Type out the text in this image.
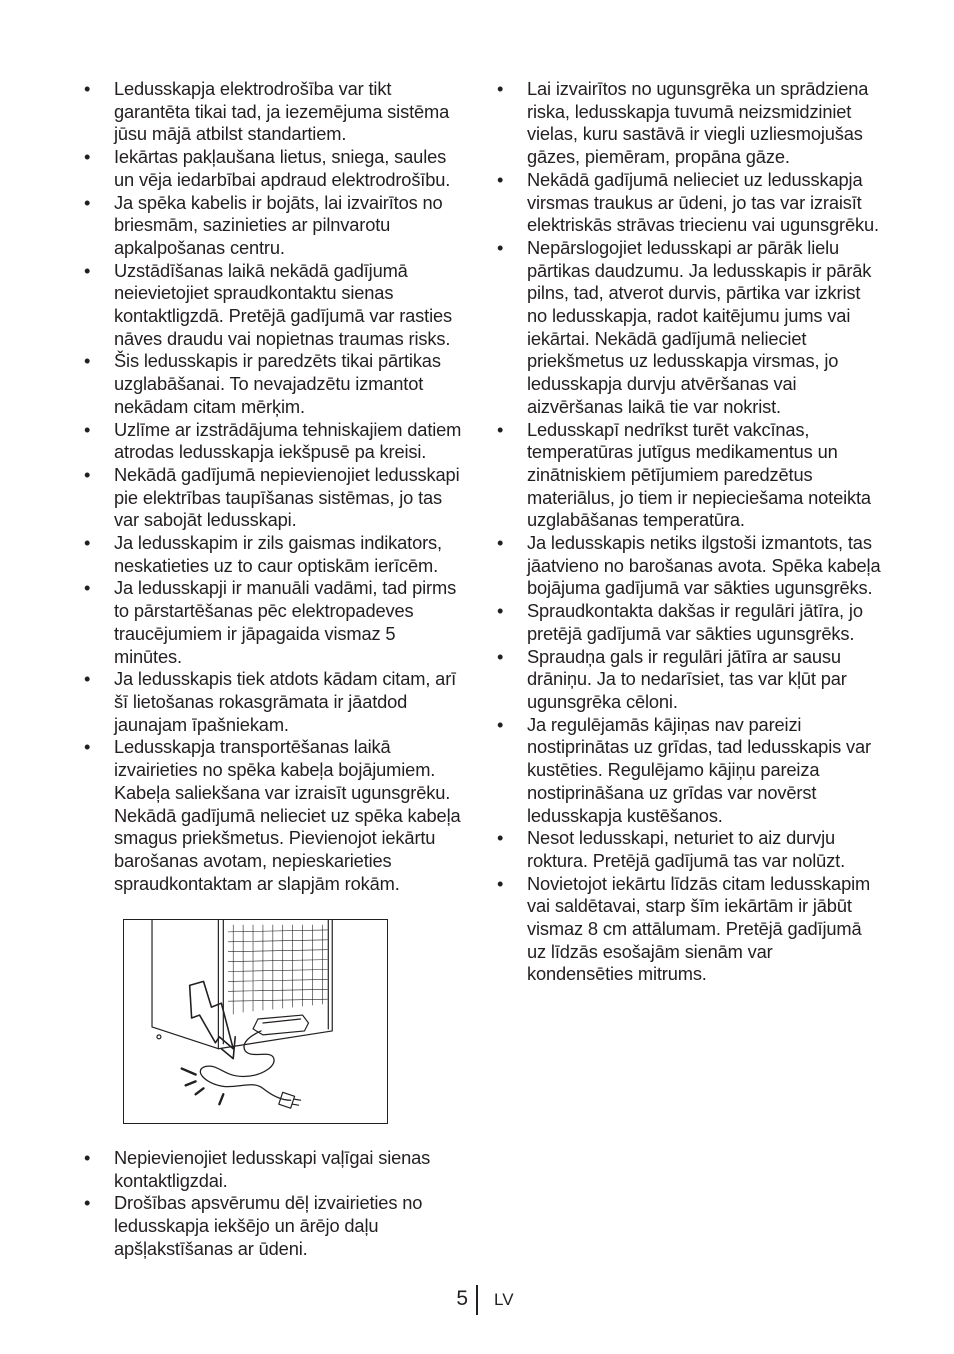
•	Ledusskapja elektrodrošība var tikt garantēta tikai tad, ja iezemējuma sistēma jūsu mājā atbilst standartiem.
•	Iekārtas pakļaušana lietus, sniega, saules un vēja iedarbībai apdraud elektrodrošību.
•	Ja spēka kabelis ir bojāts, lai izvairītos no briesmām, sazinieties ar pilnvarotu apkalpošanas centru.
•	Uzstādīšanas laikā nekādā gadījumā neievietojiet spraudkontaktu sienas kontaktligzdā. Pretējā gadījumā var rasties nāves draudu vai nopietnas traumas risks.
•	Šis ledusskapis ir paredzēts tikai pārtikas uzglabāšanai. To nevajadzētu izmantot nekādam citam mērķim.
•	Uzlīme ar izstrādājuma tehniskajiem datiem atrodas ledusskapja iekšpusē pa kreisi.
•	Nekādā gadījumā nepievienojiet ledusskapi pie elektrības taupīšanas sistēmas, jo tas var sabojāt ledusskapi.
•	Ja ledusskapim ir zils gaismas indikators, neskatieties uz to caur optiskām ierīcēm.
•	Ja ledusskapji ir manuāli vadāmi, tad pirms to pārstartēšanas pēc elektropadeves traucējumiem ir jāpagaida vismaz 5 minūtes.
•	Ja ledusskapis tiek atdots kādam citam, arī šī lietošanas rokasgrāmata ir jāatdod jaunajam īpašniekam.
•	Ledusskapja transportēšanas laikā izvairieties no spēka kabeļa bojājumiem. Kabeļa saliekšana var izraisīt ugunsgrēku. Nekādā gadījumā nelieciet uz spēka kabeļa smagus priekšmetus. Pievienojot iekārtu barošanas avotam, nepieskarieties spraudkontaktam ar slapjām rokām.
•	Nepievienojiet ledusskapi vaļīgai sienas kontaktligzdai.
•	Drošības apsvērumu dēļ izvairieties no ledusskapja iekšējo un ārējo daļu apšļakstīšanas ar ūdeni.
•	Lai izvairītos no ugunsgrēka un sprādziena riska, ledusskapja tuvumā neizsmidziniet vielas, kuru sastāvā ir viegli uzliesmojušas gāzes, piemēram, propāna gāze.
•	Nekādā gadījumā nelieciet uz ledusskapja virsmas traukus ar ūdeni, jo tas var izraisīt elektriskās strāvas triecienu vai ugunsgrēku.
•	Nepārslogojiet ledusskapi ar pārāk lielu pārtikas daudzumu. Ja ledusskapis ir pārāk pilns, tad, atverot durvis, pārtika var izkrist no ledusskapja, radot kaitējumu jums vai iekārtai. Nekādā gadījumā nelieciet priekšmetus uz ledusskapja virsmas, jo ledusskapja durvju atvēršanas vai aizvēršanas laikā tie var nokrist.
•	Ledusskapī nedrīkst turēt vakcīnas, temperatūras jutīgus medikamentus un zinātniskiem pētījumiem paredzētus materiālus, jo tiem ir nepieciešama noteikta uzglabāšanas temperatūra.
•	Ja ledusskapis netiks ilgstoši izmantots, tas jāatvieno no barošanas avota. Spēka kabeļa bojājuma gadījumā var sākties ugunsgrēks.
•	Spraudkontakta dakšas ir regulāri jātīra, jo pretējā gadījumā var sākties ugunsgrēks.
•	Spraudņa gals ir regulāri jātīra ar sausu drāniņu. Ja to nedarīsiet, tas var kļūt par ugunsgrēka cēloni.
•	Ja regulējamās kājiņas nav pareizi nostiprinātas uz grīdas, tad ledusskapis var kustēties. Regulējamo kājiņu pareiza nostiprināšana uz grīdas var novērst ledusskapja kustēšanos.
•	Nesot ledusskapi, neturiet to aiz durvju roktura. Pretējā gadījumā tas var nolūzt.
•	Novietojot iekārtu līdzās citam ledusskapim vai saldētavai, starp šīm iekārtām ir jābūt vismaz 8 cm attālumam. Pretējā gadījumā uz līdzās esošajām sienām var kondensēties mitrums.
5 LV
